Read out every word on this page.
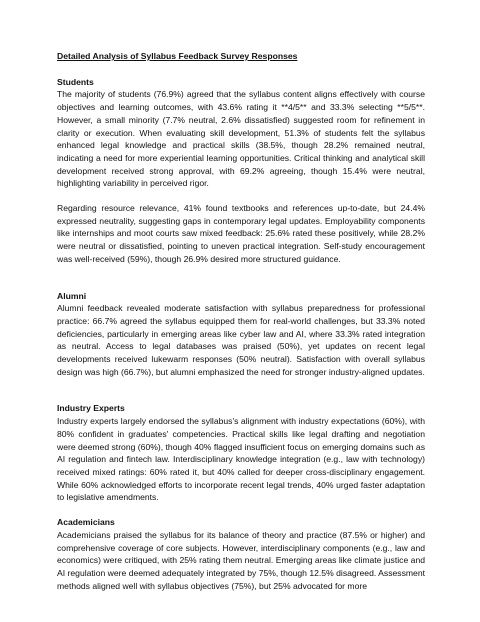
Detailed Analysis of Syllabus Feedback Survey Responses
Students

The majority of students (76.9%) agreed that the syllabus content aligns effectively with course objectives and learning outcomes, with 43.6% rating it **4/5** and 33.3% selecting **5/5**. However, a small minority (7.7% neutral, 2.6% dissatisfied) suggested room for refinement in clarity or execution. When evaluating skill development, 51.3% of students felt the syllabus enhanced legal knowledge and practical skills (38.5%, though 28.2% remained neutral, indicating a need for more experiential learning opportunities. Critical thinking and analytical skill development received strong approval, with 69.2% agreeing, though 15.4% were neutral, highlighting variability in perceived rigor.

Regarding resource relevance, 41% found textbooks and references up-to-date, but 24.4% expressed neutrality, suggesting gaps in contemporary legal updates. Employability components like internships and moot courts saw mixed feedback: 25.6% rated these positively, while 28.2% were neutral or dissatisfied, pointing to uneven practical integration. Self-study encouragement was well-received (59%), though 26.9% desired more structured guidance.

Alumni

Alumni feedback revealed moderate satisfaction with syllabus preparedness for professional practice: 66.7% agreed the syllabus equipped them for real-world challenges, but 33.3% noted deficiencies, particularly in emerging areas like cyber law and AI, where 33.3% rated integration as neutral. Access to legal databases was praised (50%), yet updates on recent legal developments received lukewarm responses (50% neutral). Satisfaction with overall syllabus design was high (66.7%), but alumni emphasized the need for stronger industry-aligned updates.

Industry Experts

Industry experts largely endorsed the syllabus's alignment with industry expectations (60%), with 80% confident in graduates' competencies. Practical skills like legal drafting and negotiation were deemed strong (60%), though 40% flagged insufficient focus on emerging domains such as AI regulation and fintech law. Interdisciplinary knowledge integration (e.g., law with technology) received mixed ratings: 60% rated it, but 40% called for deeper cross-disciplinary engagement. While 60% acknowledged efforts to incorporate recent legal trends, 40% urged faster adaptation to legislative amendments.

Academicians

Academicians praised the syllabus for its balance of theory and practice (87.5% or higher) and comprehensive coverage of core subjects. However, interdisciplinary components (e.g., law and economics) were critiqued, with 25% rating them neutral. Emerging areas like climate justice and AI regulation were deemed adequately integrated by 75%, though 12.5% disagreed. Assessment methods aligned well with syllabus objectives (75%), but 25% advocated for more
